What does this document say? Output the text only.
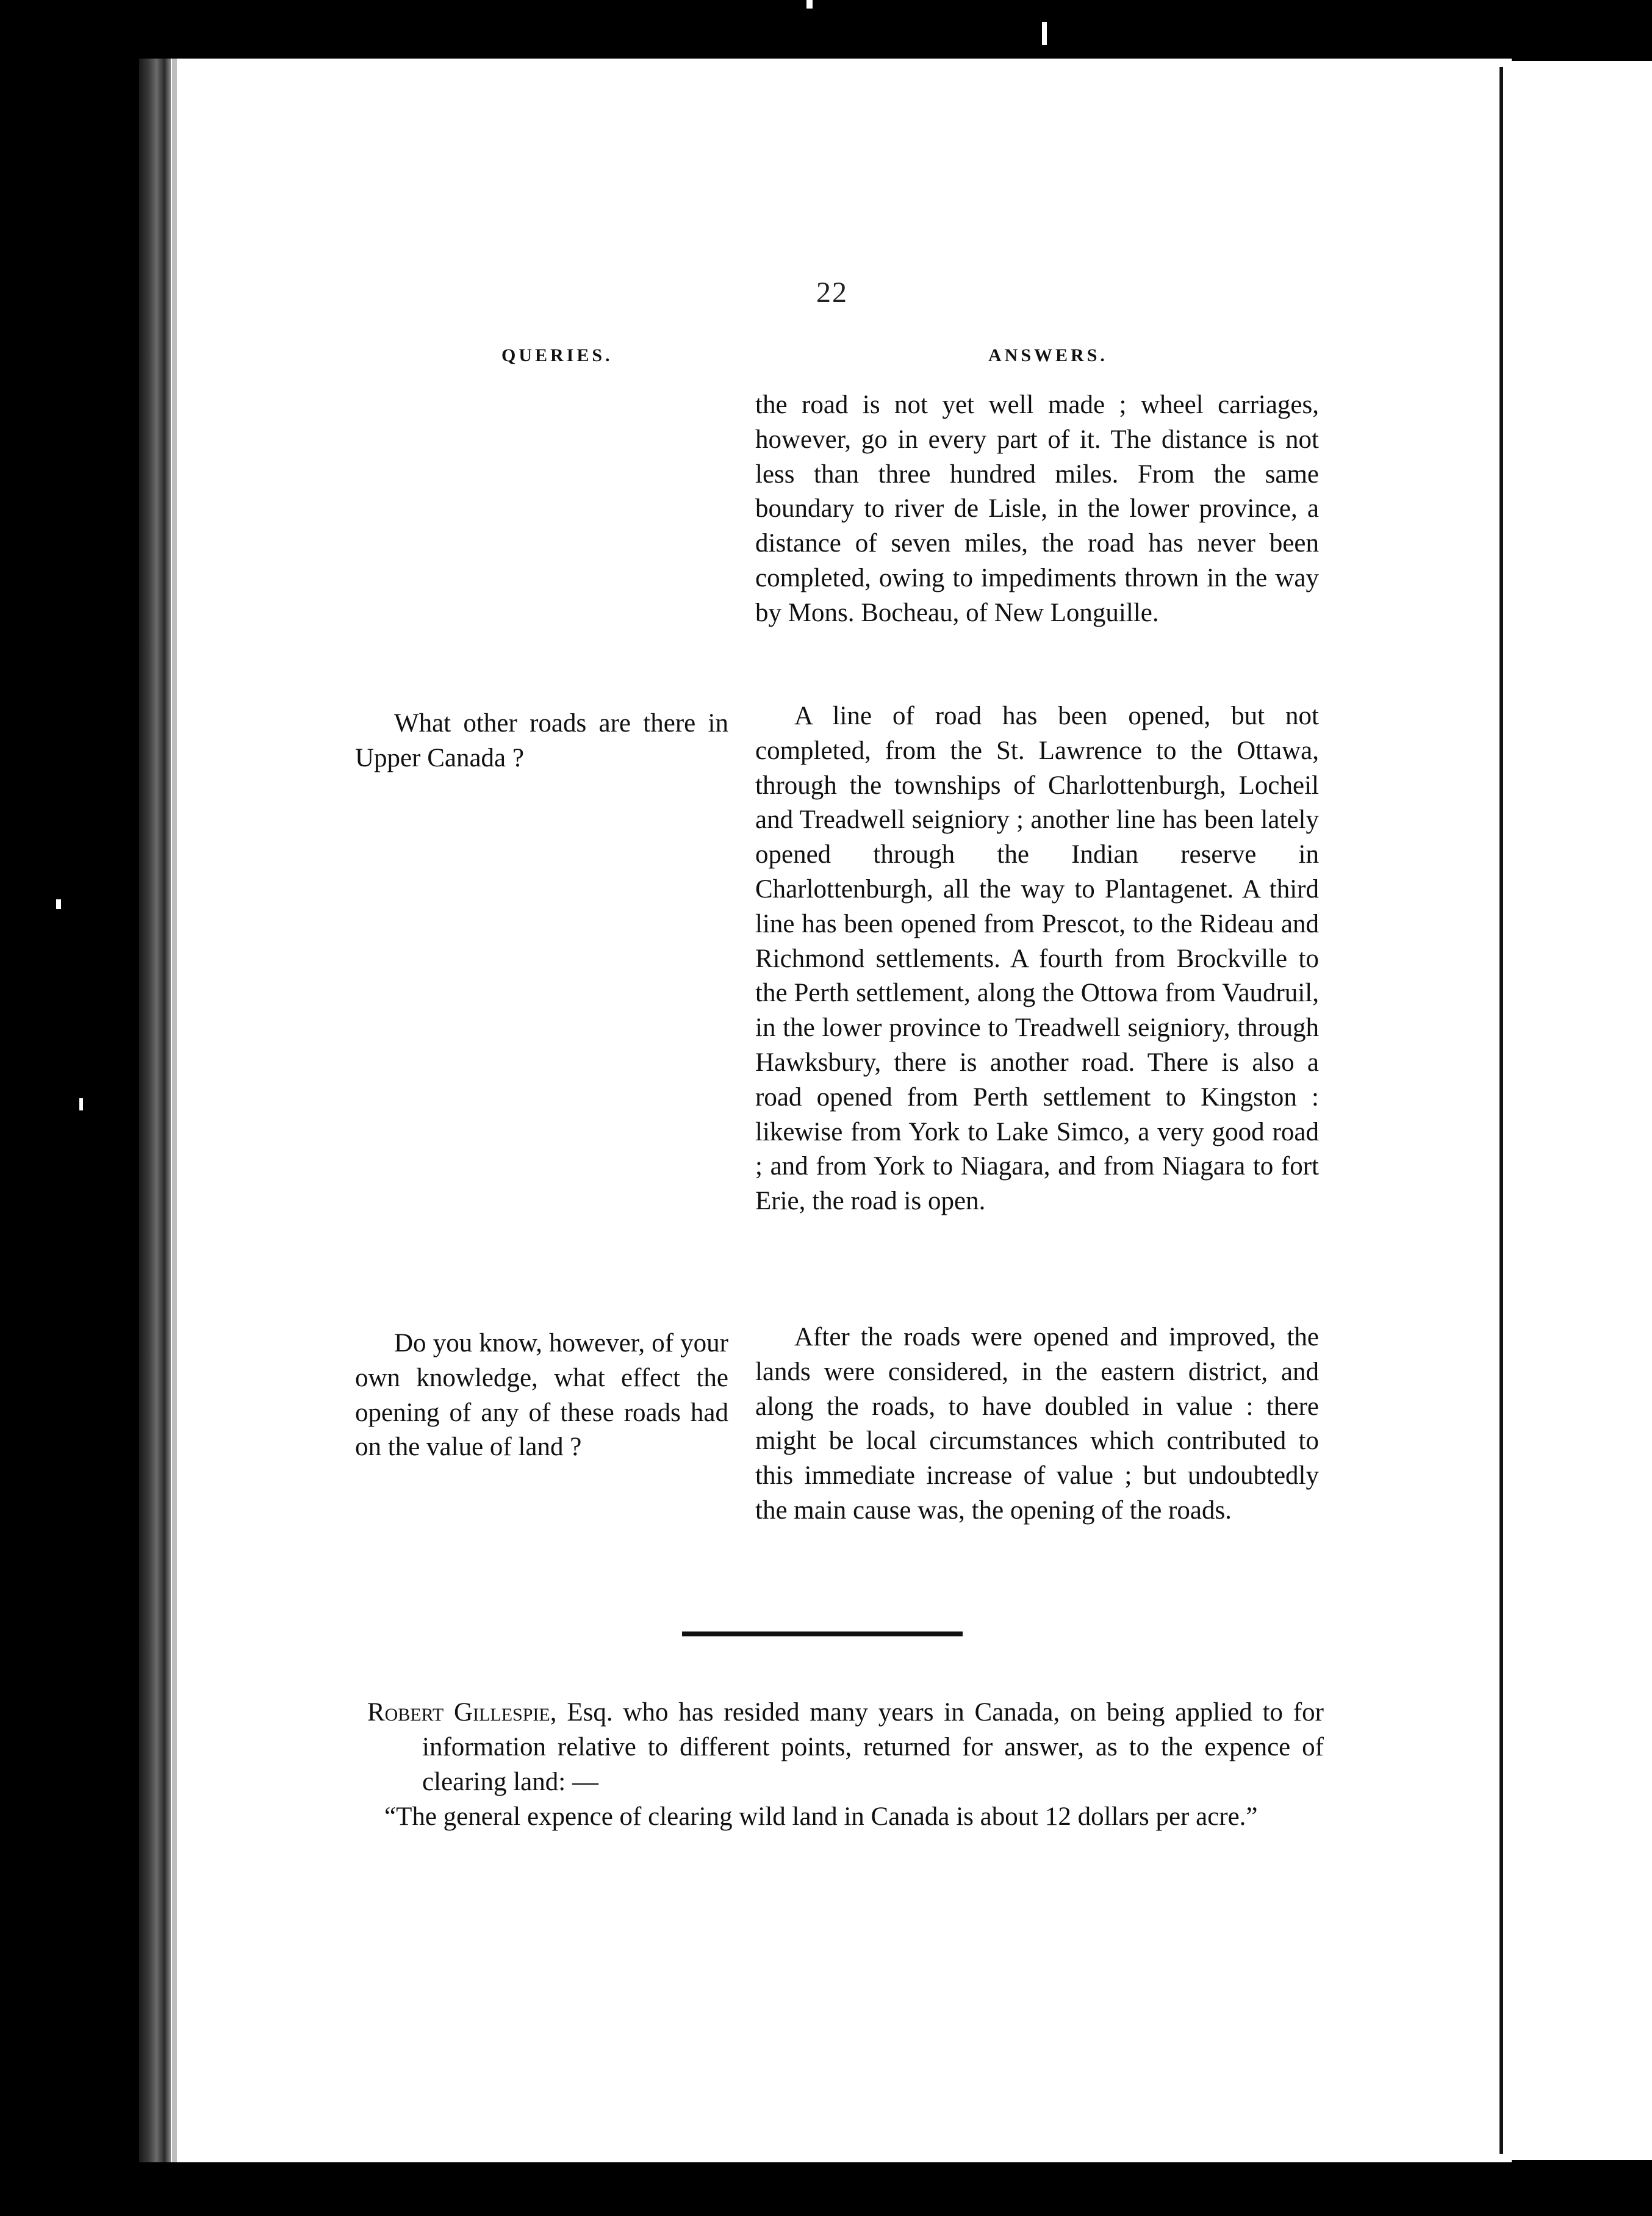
22
QUERIES.	ANSWERS.
the road is not yet well made ; wheel carriages, however, go in every part of it. The distance is not less than three hundred miles. From the same boundary to river de Lisle, in the lower province, a distance of seven miles, the road has never been completed, owing to impediments thrown in the way by Mons. Bocheau, of New Longuille.
What other roads are there in Upper Canada ?
A line of road has been opened, but not completed, from the St. Lawrence to the Ottawa, through the townships of Charlottenburgh, Locheil and Treadwell seigniory ; another line has been lately opened through the Indian reserve in Charlottenburgh, all the way to Plantagenet. A third line has been opened from Prescot, to the Rideau and Richmond settlements. A fourth from Brockville to the Perth settlement, along the Ottowa from Vaudruil, in the lower province to Treadwell seigniory, through Hawksbury, there is another road. There is also a road opened from Perth settlement to Kingston : likewise from York to Lake Simco, a very good road ; and from York to Niagara, and from Niagara to fort Erie, the road is open.
Do you know, however, of your own knowledge, what effect the opening of any of these roads had on the value of land ?
After the roads were opened and improved, the lands were considered, in the eastern district, and along the roads, to have doubled in value : there might be local circumstances which contributed to this immediate increase of value ; but undoubtedly the main cause was, the opening of the roads.

Robert Gillespie, Esq. who has resided many years in Canada, on being applied to for information relative to different points, returned for answer, as to the expence of clearing land: —

“The general expence of clearing wild land in Canada is about 12 dollars per acre.”
